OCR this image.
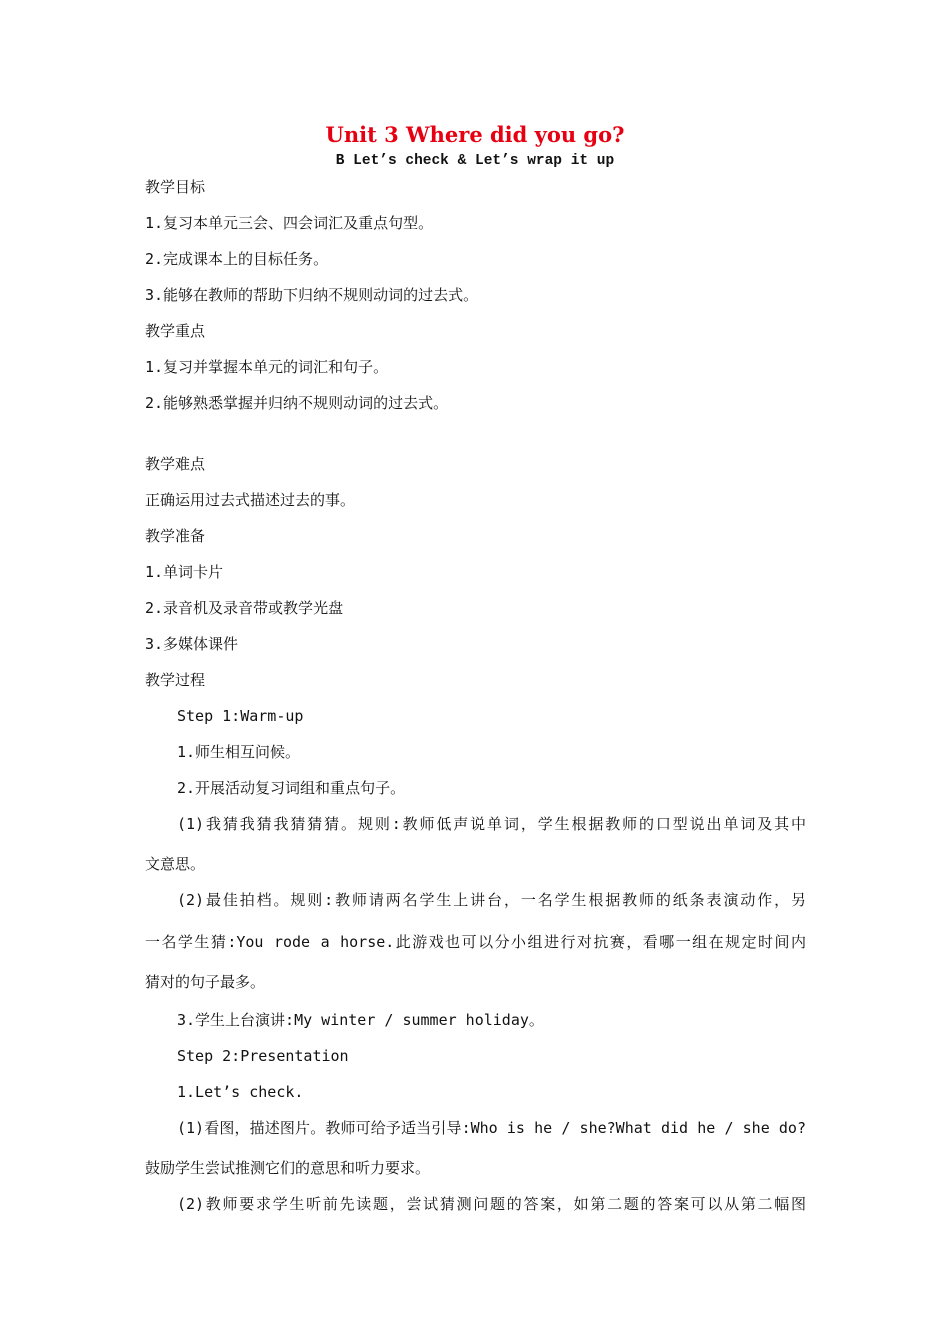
Unit 3 Where did you go?
B Let’s check & Let’s wrap it up

教学目标

1.复习本单元三会、四会词汇及重点句型。

2.完成课本上的目标任务。

3.能够在教师的帮助下归纳不规则动词的过去式。

教学重点

1.复习并掌握本单元的词汇和句子。

2.能够熟悉掌握并归纳不规则动词的过去式。

教学难点

正确运用过去式描述过去的事。

教学准备

1.单词卡片

2.录音机及录音带或教学光盘

3.多媒体课件

教学过程

Step 1:Warm-up

1.师生相互问候。

2.开展活动复习词组和重点句子。

(1)我猜我猜我猜猜猜。规则:教师低声说单词，学生根据教师的口型说出单词及其中

文意思。

(2)最佳拍档。规则:教师请两名学生上讲台，一名学生根据教师的纸条表演动作，另

一名学生猜:You rode a horse.此游戏也可以分小组进行对抗赛，看哪一组在规定时间内

猜对的句子最多。

3.学生上台演讲:My winter / summer holiday。

Step 2:Presentation

1.Let’s check.

(1)看图，描述图片。教师可给予适当引导:Who is he / she?What did he / she do?

鼓励学生尝试推测它们的意思和听力要求。

(2)教师要求学生听前先读题，尝试猜测问题的答案，如第二题的答案可以从第二幅图
